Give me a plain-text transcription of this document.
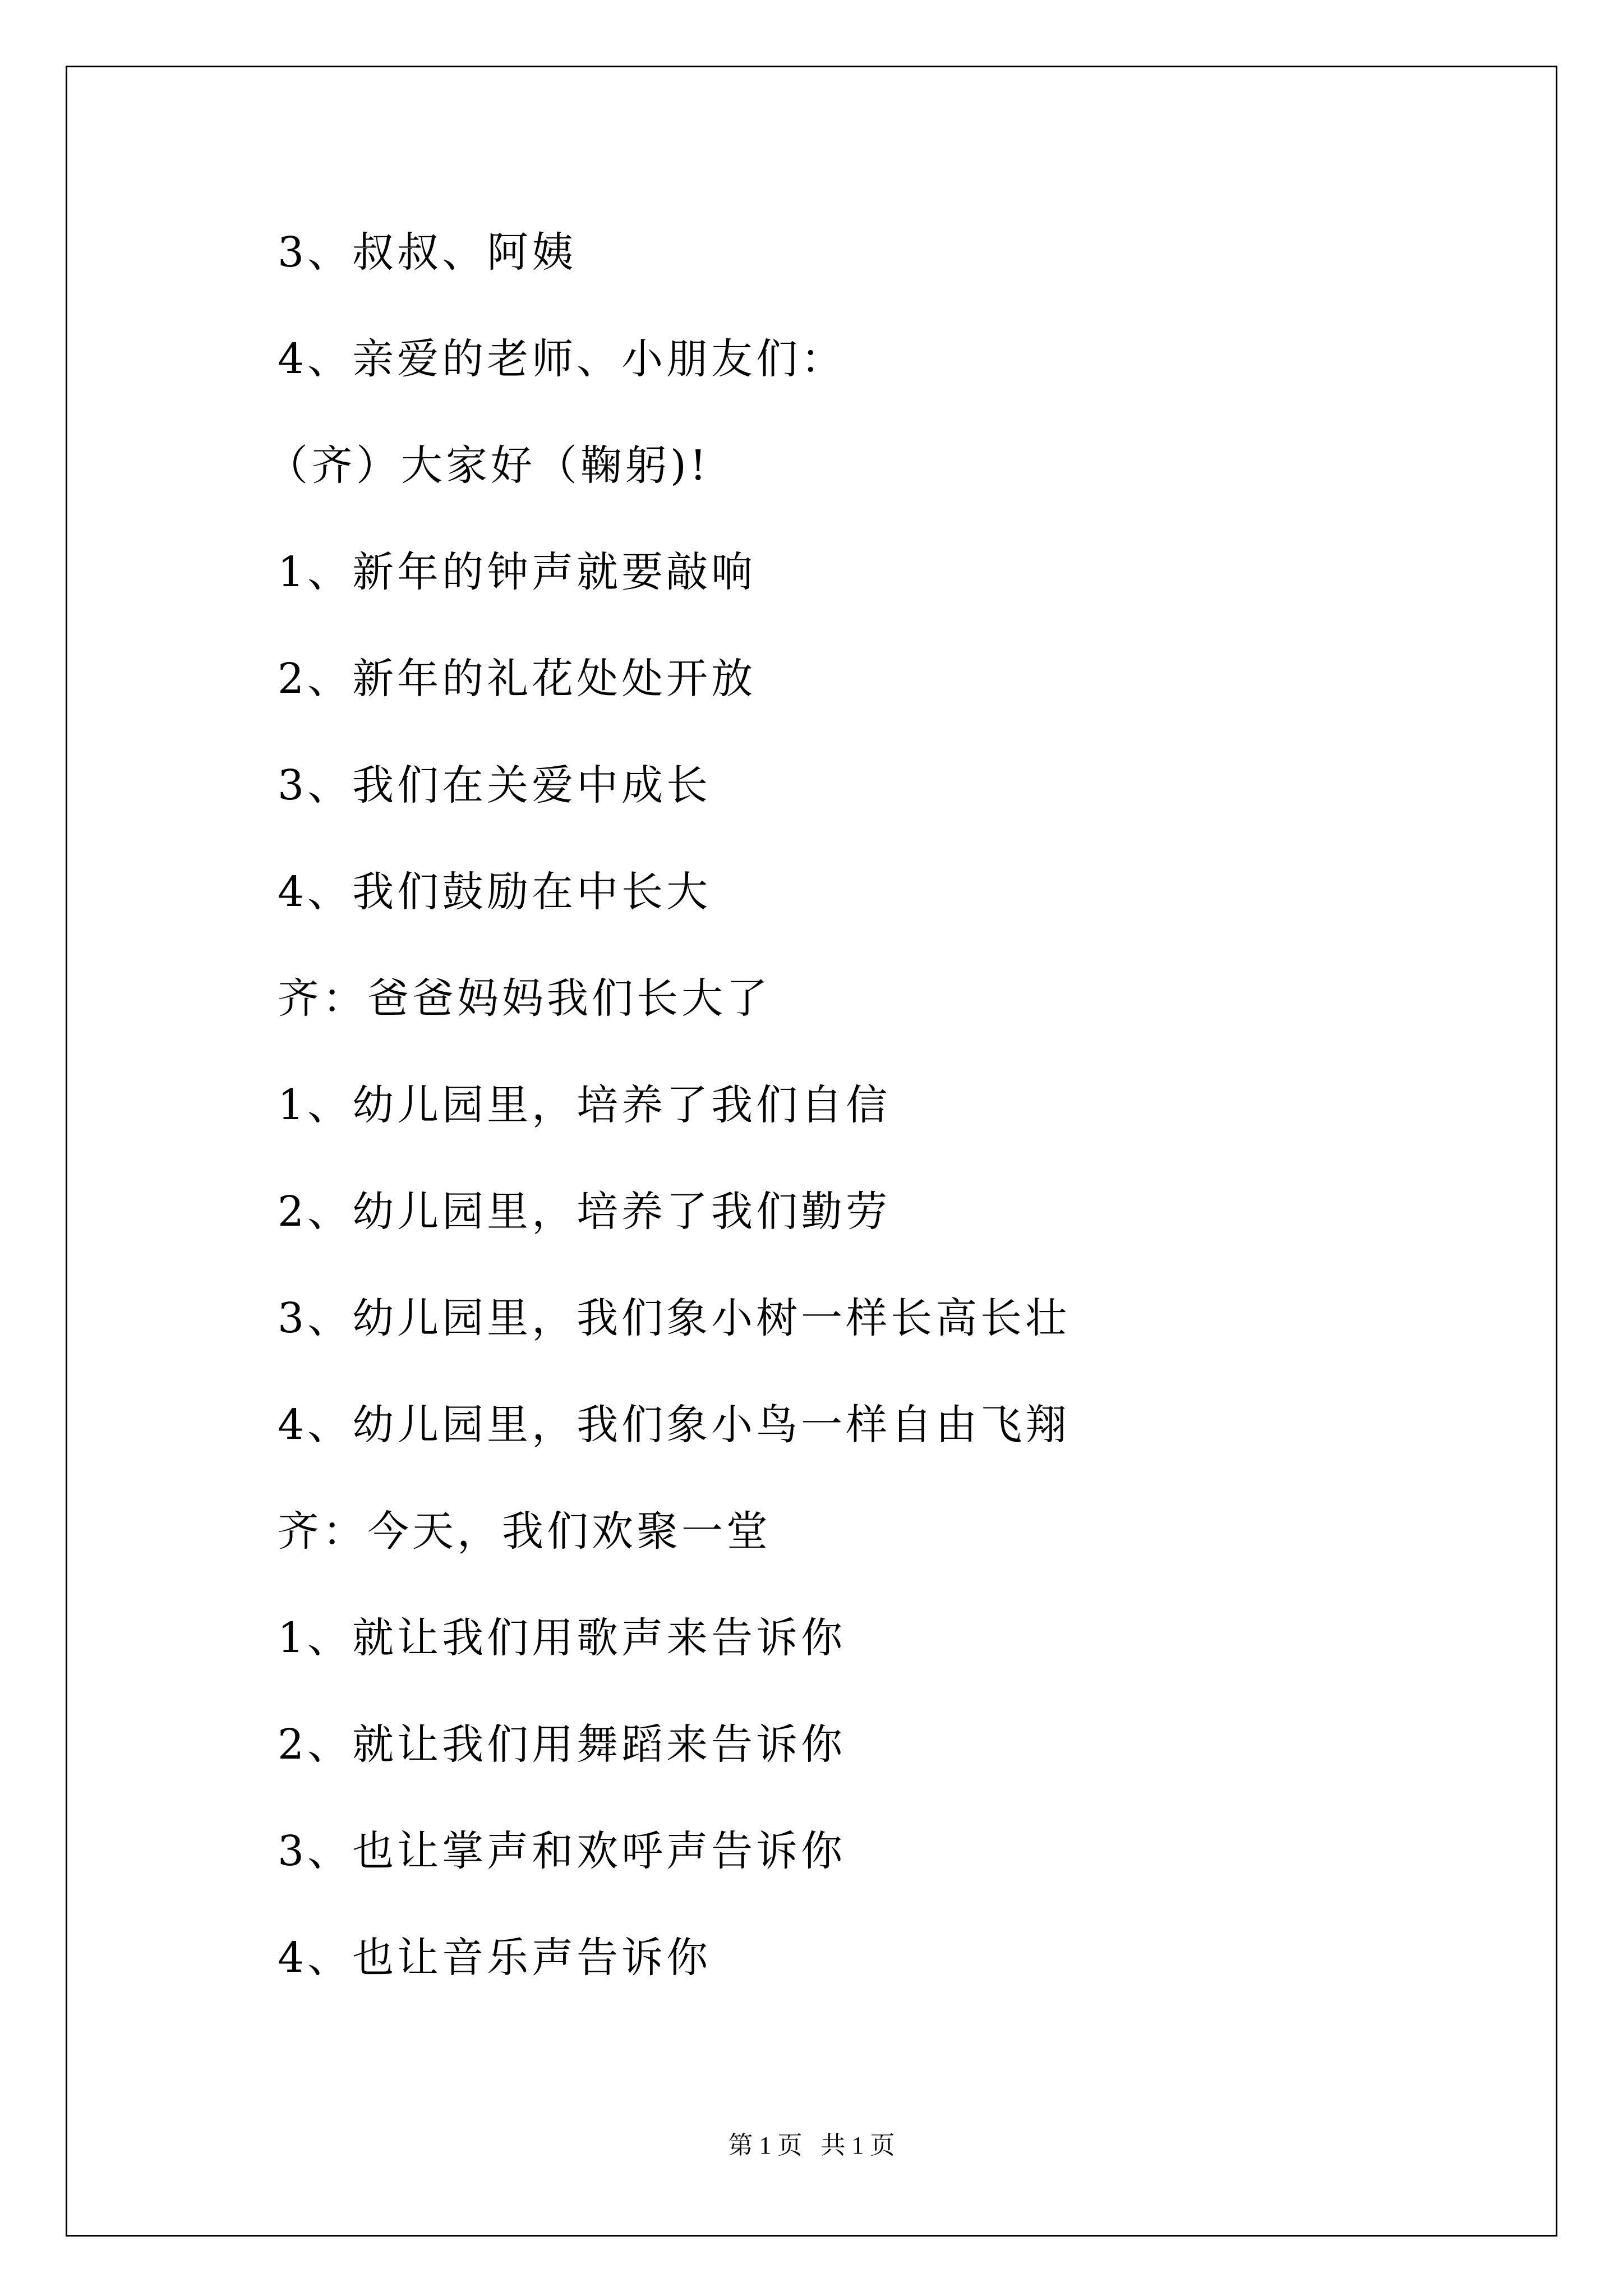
3、叔叔、阿姨
4、亲爱的老师、小朋友们：
（齐）大家好（鞠躬)!
1、新年的钟声就要敲响
2、新年的礼花处处开放
3、我们在关爱中成长
4、我们鼓励在中长大
齐：爸爸妈妈我们长大了
1、幼儿园里，培养了我们自信
2、幼儿园里，培养了我们勤劳
3、幼儿园里，我们象小树一样长高长壮
4、幼儿园里，我们象小鸟一样自由飞翔
齐：今天，我们欢聚一堂
1、就让我们用歌声来告诉你
2、就让我们用舞蹈来告诉你
3、也让掌声和欢呼声告诉你
4、也让音乐声告诉你
第 1 页   共 1 页
